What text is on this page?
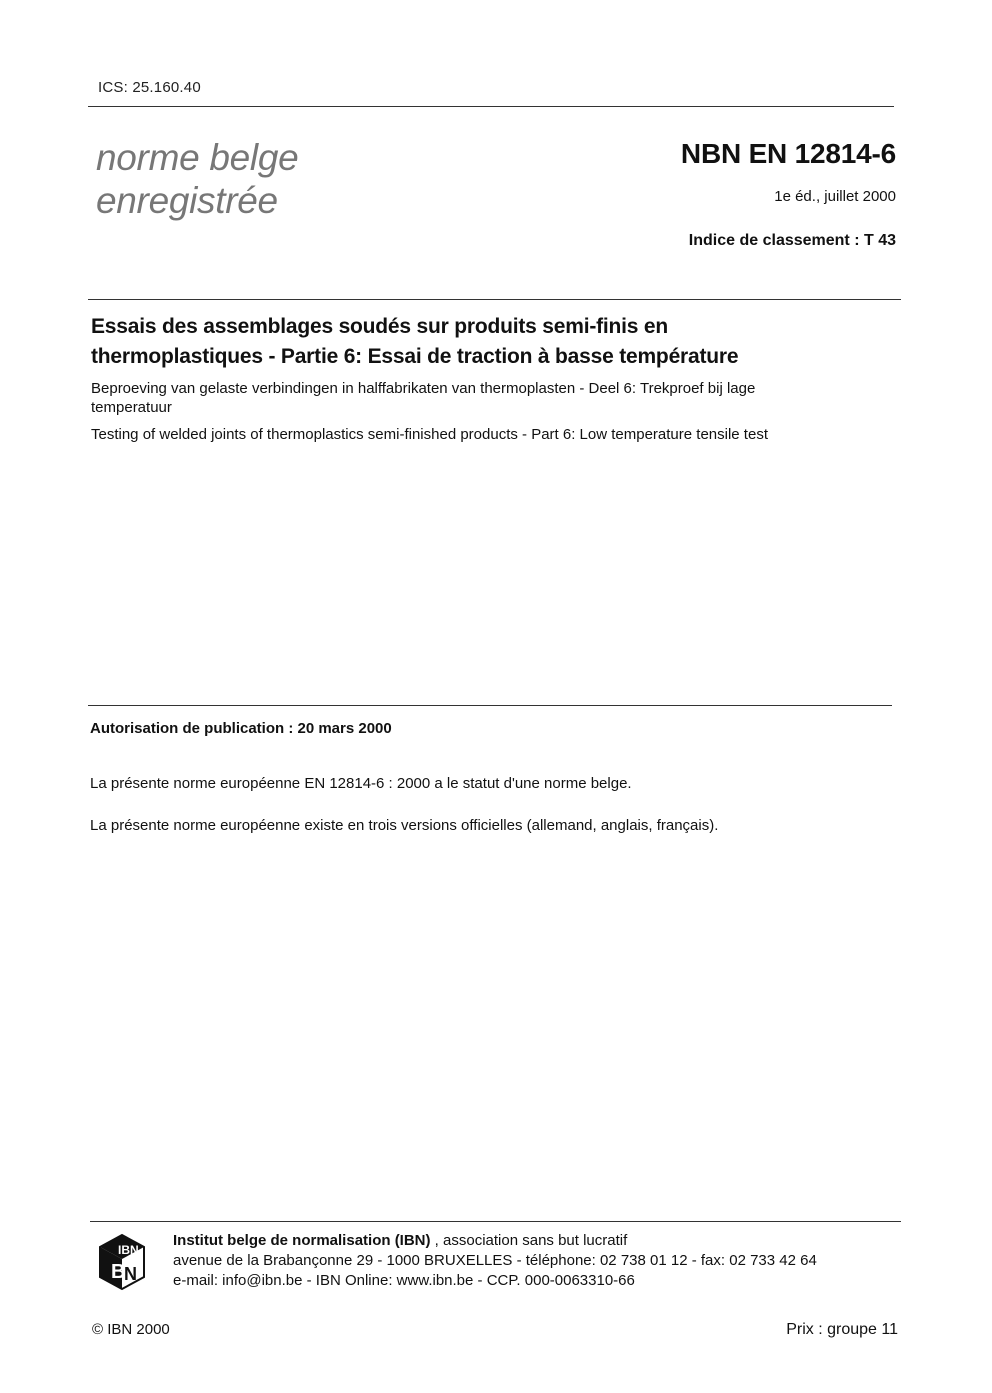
ICS: 25.160.40
norme belge
enregistrée
NBN EN 12814-6
1e éd., juillet 2000
Indice de classement : T 43
Essais des assemblages soudés sur produits semi-finis en
thermoplastiques - Partie 6: Essai de traction à basse température
Beproeving van gelaste verbindingen in halffabrikaten van thermoplasten - Deel 6: Trekproef bij lage
temperatuur
Testing of welded joints of thermoplastics semi-finished products - Part 6: Low temperature tensile test
Autorisation de publication : 20 mars 2000
La présente norme européenne EN 12814-6 : 2000 a le statut d'une norme belge.
La présente norme européenne existe en trois versions officielles (allemand, anglais, français).
B
N
IBN
Institut belge de normalisation (IBN) , association sans but lucratif
avenue de la Brabançonne 29 - 1000 BRUXELLES - téléphone: 02 738 01 12 - fax: 02 733 42 64
e-mail: info@ibn.be - IBN Online: www.ibn.be - CCP. 000-0063310-66
© IBN 2000	Prix : groupe 11
